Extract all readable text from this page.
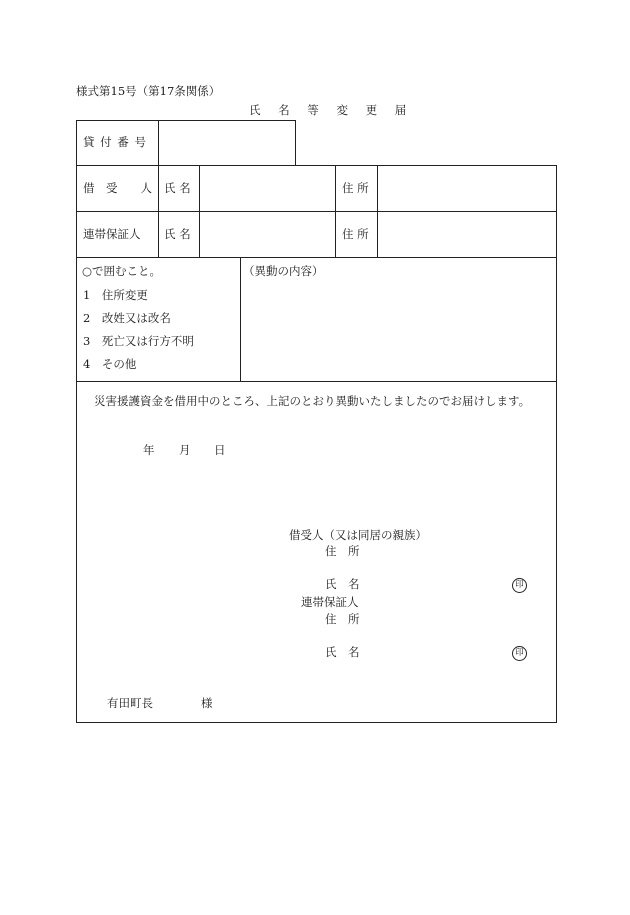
様式第15号（第17条関係）
氏 名 等 変 更 届
貸 付 番 号
借　受　　人 氏 名	住 所
連帯保証人 氏 名	住 所
○で囲むこと。
1　住所変更
2　改姓又は改名
3　死亡又は行方不明
4　その他
（異動の内容）
災害援護資金を借用中のところ、上記のとおり異動いたしましたのでお届けします。
年 月 日
借受人（又は同居の親族）
住　所
氏　名	印
連帯保証人
住　所
氏　名	印
有田町長	様
